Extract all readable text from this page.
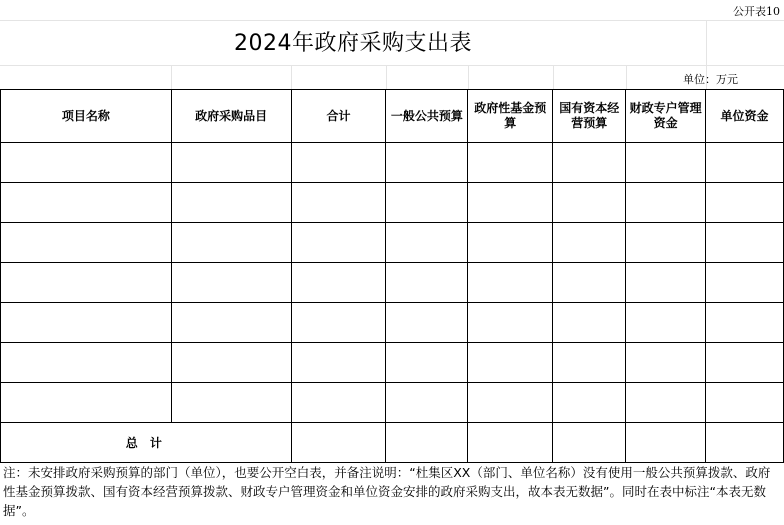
公开表10
2024年政府采购支出表
单位：万元
项目名称	政府采购品目	合计	一般公共预算	政府性基金预算	国有资本经营预算	财政专户管理资金	单位资金

总 计							
注：未安排政府采购预算的部门（单位），也要公开空白表，并备注说明：“杜集区XX（部门、单位名称）没有使用一般公共预算拨款、政府性基金预算拨款、国有资本经营预算拨款、财政专户管理资金和单位资金安排的政府采购支出，故本表无数据”。同时在表中标注“本表无数据”。
